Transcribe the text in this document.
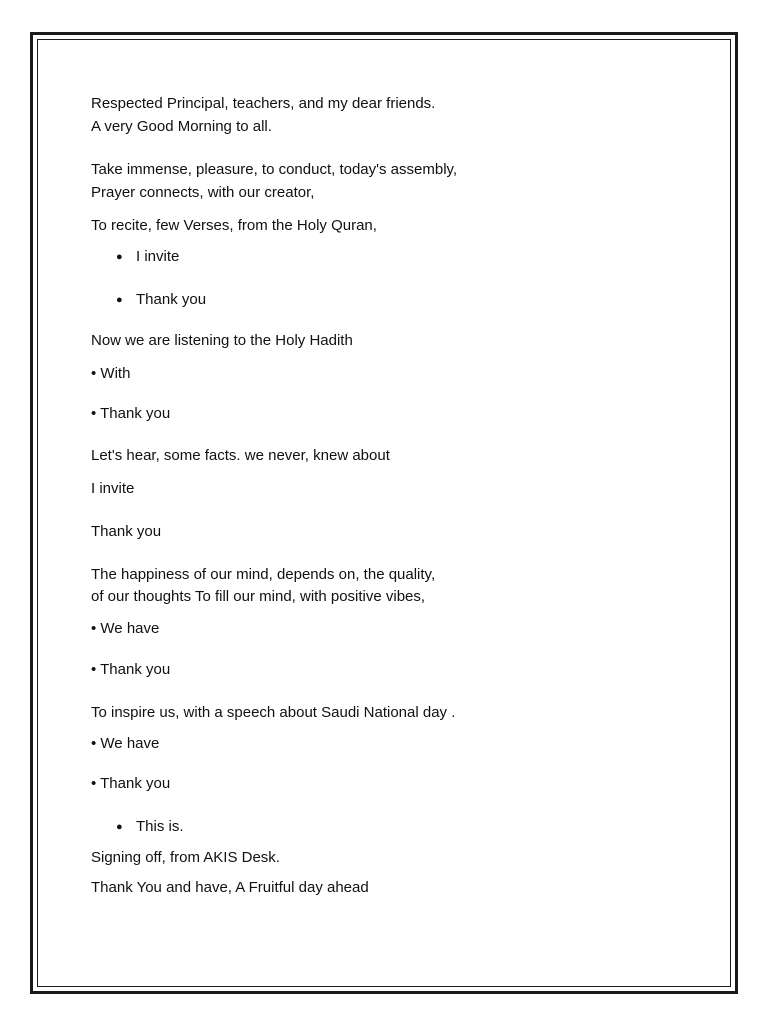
Respected Principal, teachers, and my dear friends.
A very Good Morning to all.
Take immense, pleasure, to conduct, today's assembly,
Prayer connects, with our creator,
To recite, few Verses, from the Holy Quran,
● I invite
● Thank you
Now we are listening to the Holy Hadith
• With
• Thank you
Let's hear, some facts. we never, knew about
I invite
Thank you
The happiness of our mind, depends on, the quality,
of our thoughts To fill our mind, with positive vibes,
• We have
• Thank you
To inspire us, with a speech about Saudi National day .
• We have
• Thank you
● This is.
Signing off, from AKIS Desk.
Thank You and have, A Fruitful day ahead
